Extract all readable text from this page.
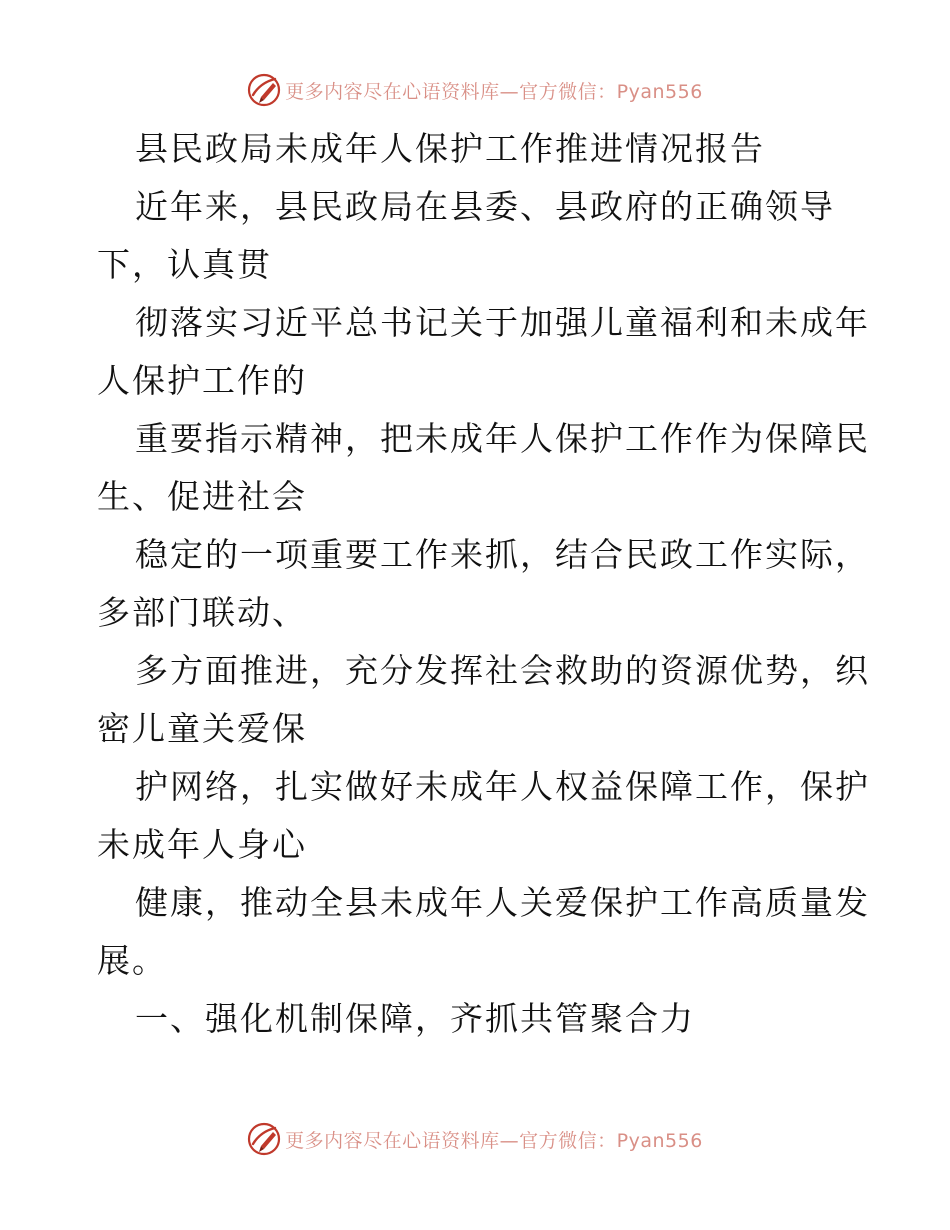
更多内容尽在心语资料库—官方微信：Pyan556
县民政局未成年人保护工作推进情况报告
近年来，县民政局在县委、县政府的正确领导
下，认真贯
彻落实习近平总书记关于加强儿童福利和未成年
人保护工作的
重要指示精神，把未成年人保护工作作为保障民
生、促进社会
稳定的一项重要工作来抓，结合民政工作实际，
多部门联动、
多方面推进，充分发挥社会救助的资源优势，织
密儿童关爱保
护网络，扎实做好未成年人权益保障工作，保护
未成年人身心
健康，推动全县未成年人关爱保护工作高质量发
展。
一、强化机制保障，齐抓共管聚合力
更多内容尽在心语资料库—官方微信：Pyan556
